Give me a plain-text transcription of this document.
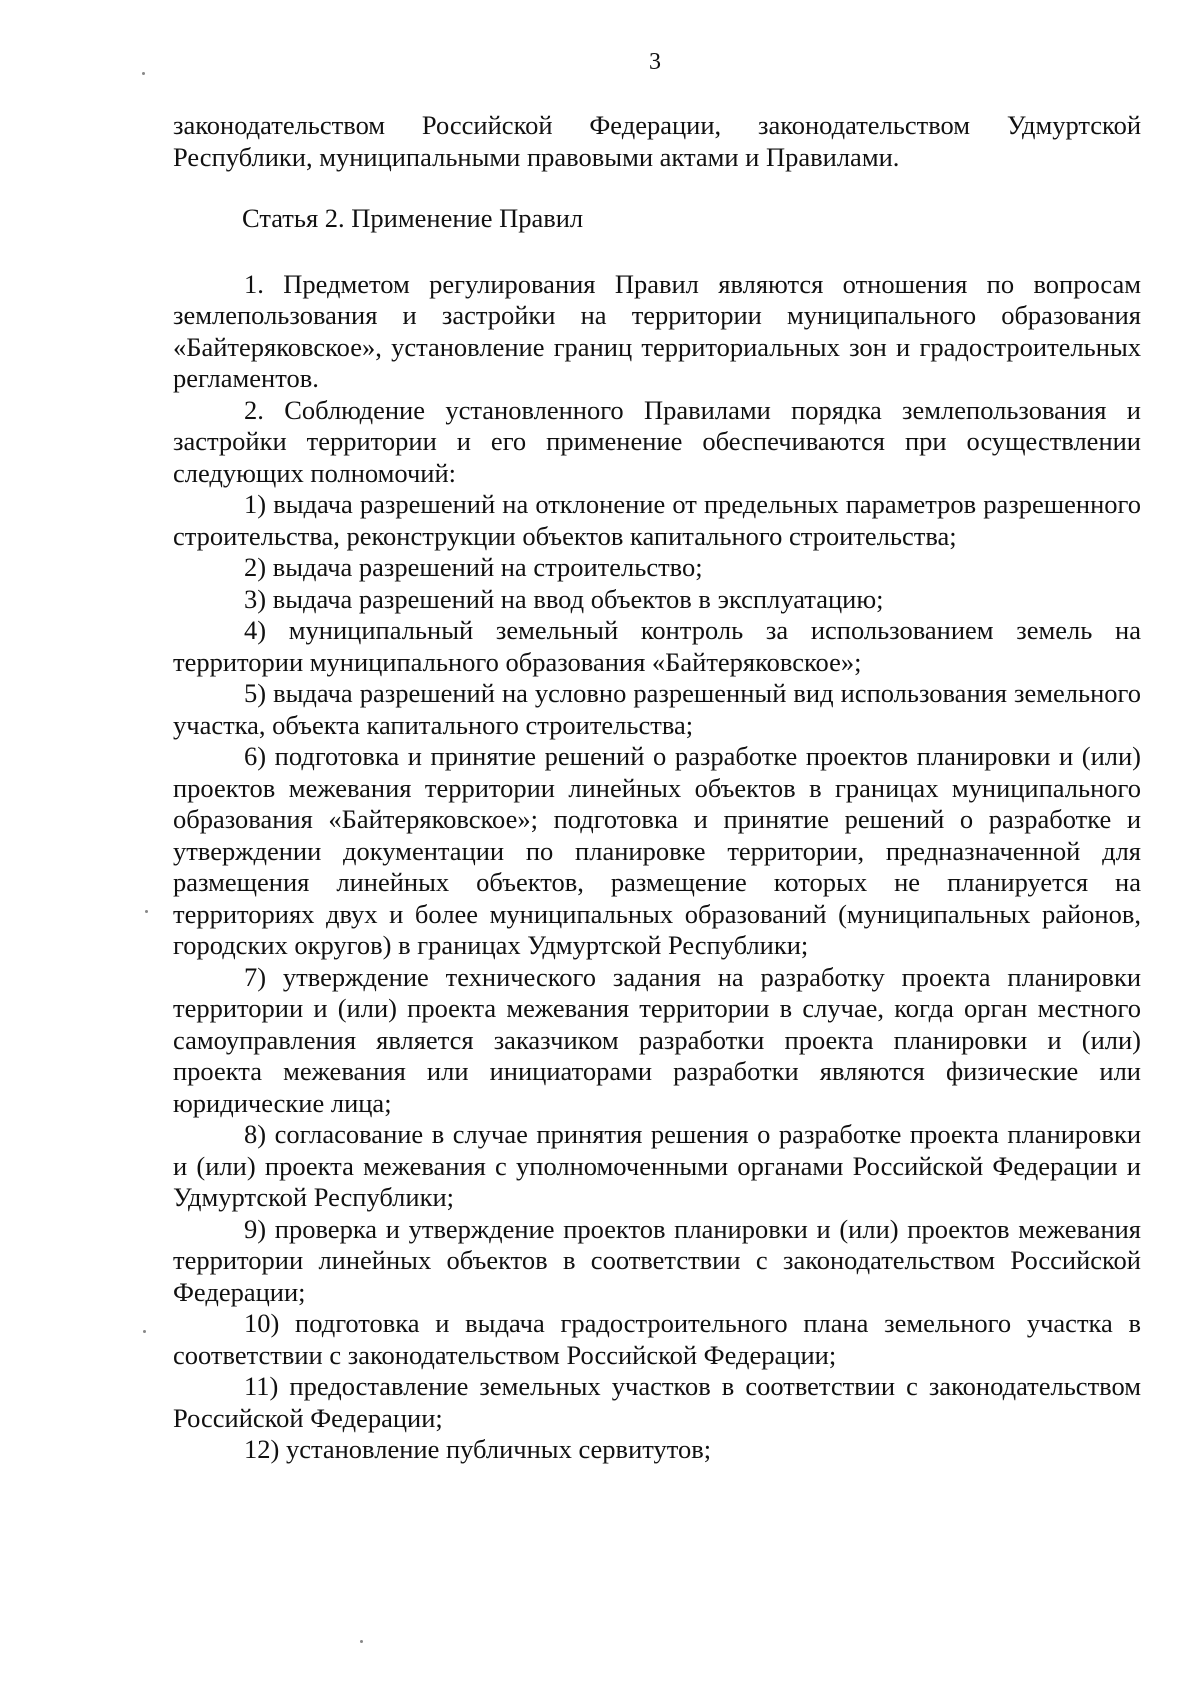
3

законодательством Российской Федерации, законодательством Удмуртской Республики, муниципальными правовыми актами и Правилами.

Статья 2. Применение Правил

1. Предметом регулирования Правил являются отношения по вопросам землепользования и застройки на территории муниципального образования «Байтеряковское», установление границ территориальных зон и градостроительных регламентов.

2. Соблюдение установленного Правилами порядка землепользования и застройки территории и его применение обеспечиваются при осуществлении следующих полномочий:

1) выдача разрешений на отклонение от предельных параметров разрешенного строительства, реконструкции объектов капитального строительства;

2) выдача разрешений на строительство;

3) выдача разрешений на ввод объектов в эксплуатацию;

4) муниципальный земельный контроль за использованием земель на территории муниципального образования «Байтеряковское»;

5) выдача разрешений на условно разрешенный вид использования земельного участка, объекта капитального строительства;

6) подготовка и принятие решений о разработке проектов планировки и (или) проектов межевания территории линейных объектов в границах муниципального образования «Байтеряковское»; подготовка и принятие решений о разработке и утверждении документации по планировке территории, предназначенной для размещения линейных объектов, размещение которых не планируется на территориях двух и более муниципальных образований (муниципальных районов, городских округов) в границах Удмуртской Республики;

7) утверждение технического задания на разработку проекта планировки территории и (или) проекта межевания территории в случае, когда орган местного самоуправления является заказчиком разработки проекта планировки и (или) проекта межевания или инициаторами разработки являются физические или юридические лица;

8) согласование в случае принятия решения о разработке проекта планировки и (или) проекта межевания с уполномоченными органами Российской Федерации и Удмуртской Республики;

9) проверка и утверждение проектов планировки и (или) проектов межевания территории линейных объектов в соответствии с законодательством Российской Федерации;

10) подготовка и выдача градостроительного плана земельного участка в соответствии с законодательством Российской Федерации;

11) предоставление земельных участков в соответствии с законодательством Российской Федерации;

12) установление публичных сервитутов;
